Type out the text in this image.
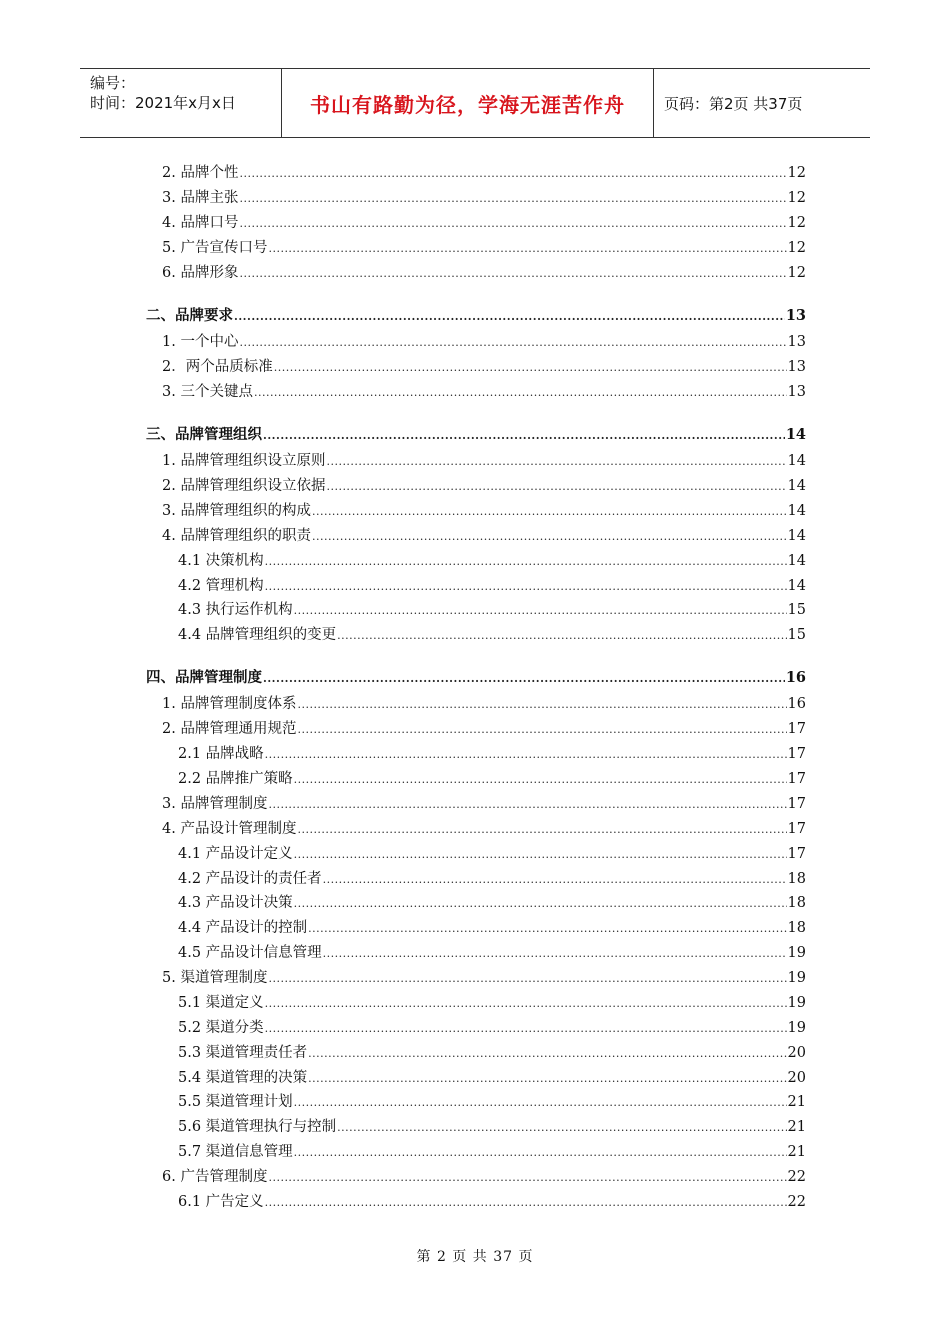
编号：
时间：2021年x月x日	书山有路勤为径，学海无涯苦作舟	页码：第2页 共37页
2. 品牌个性 .....	12
3. 品牌主张 .....	12
4. 品牌口号 .....	12
5. 广告宣传口号 .....	12
6. 品牌形象 .....	12
二、品牌要求 .....	13
1. 一个中心 .....	13
2．两个品质标准 .....	13
3. 三个关键点 .....	13
三、品牌管理组织 .....	14
1. 品牌管理组织设立原则 .....	14
2. 品牌管理组织设立依据 .....	14
3. 品牌管理组织的构成 .....	14
4. 品牌管理组织的职责 .....	14
4.1 决策机构 .....	14
4.2 管理机构 .....	14
4.3 执行运作机构 .....	15
4.4 品牌管理组织的变更 .....	15
四、品牌管理制度 .....	16
1. 品牌管理制度体系 .....	16
2. 品牌管理通用规范 .....	17
2.1 品牌战略 .....	17
2.2 品牌推广策略 .....	17
3. 品牌管理制度 .....	17
4. 产品设计管理制度 .....	17
4.1 产品设计定义 .....	17
4.2 产品设计的责任者 .....	18
4.3 产品设计决策 .....	18
4.4 产品设计的控制 .....	18
4.5 产品设计信息管理 .....	19
5. 渠道管理制度 .....	19
5.1 渠道定义 .....	19
5.2 渠道分类 .....	19
5.3 渠道管理责任者 .....	20
5.4 渠道管理的决策 .....	20
5.5 渠道管理计划 .....	21
5.6 渠道管理执行与控制 .....	21
5.7 渠道信息管理 .....	21
6. 广告管理制度 .....	22
6.1 广告定义 .....	22
第 2 页 共 37 页
